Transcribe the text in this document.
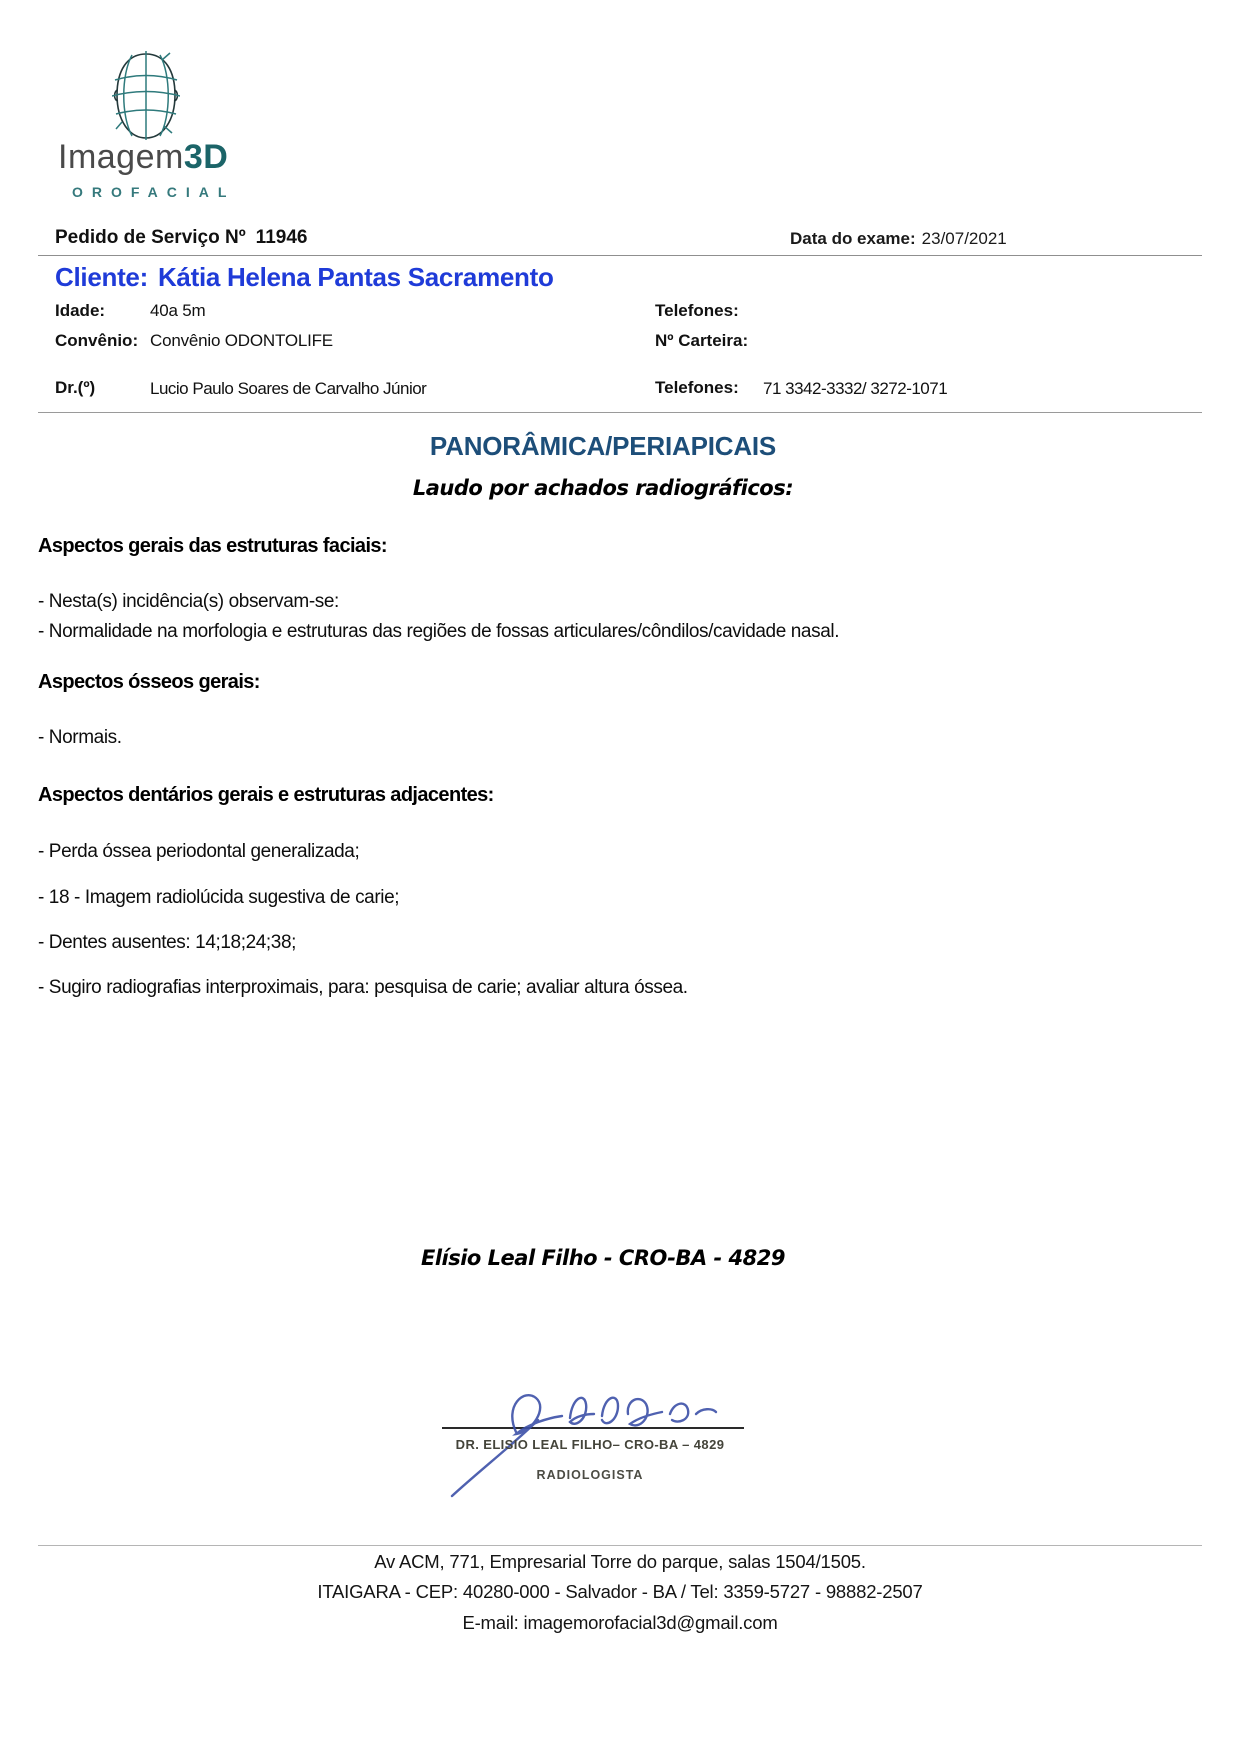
Imagem3D
OROFACIAL
Pedido de Serviço Nº 11946	Data do exame: 23/07/2021
Cliente: Kátia Helena Pantas Sacramento
Idade:	40a 5m	Telefones:
Convênio: Convênio ODONTOLIFE	Nº Carteira:
Dr.(º)	Lucio Paulo Soares de Carvalho Júnior	Telefones: 71 3342-3332/ 3272-1071
PANORÂMICA/PERIAPICAIS
Laudo por achados radiográficos:
Aspectos gerais das estruturas faciais:
- Nesta(s) incidência(s) observam-se:
- Normalidade na morfologia e estruturas das regiões de fossas articulares/côndilos/cavidade nasal.
Aspectos ósseos gerais:
- Normais.
Aspectos dentários gerais e estruturas adjacentes:
- Perda óssea periodontal generalizada;
- 18 - Imagem radiolúcida sugestiva de carie;
- Dentes ausentes: 14;18;24;38;
- Sugiro radiografias interproximais, para: pesquisa de carie; avaliar altura óssea.
Elísio Leal Filho - CRO-BA - 4829
DR. ELISIO LEAL FILHO– CRO-BA – 4829
RADIOLOGISTA
Av ACM, 771, Empresarial Torre do parque, salas 1504/1505.
ITAIGARA - CEP: 40280-000 - Salvador - BA / Tel: 3359-5727 - 98882-2507
E-mail: imagemorofacial3d@gmail.com
